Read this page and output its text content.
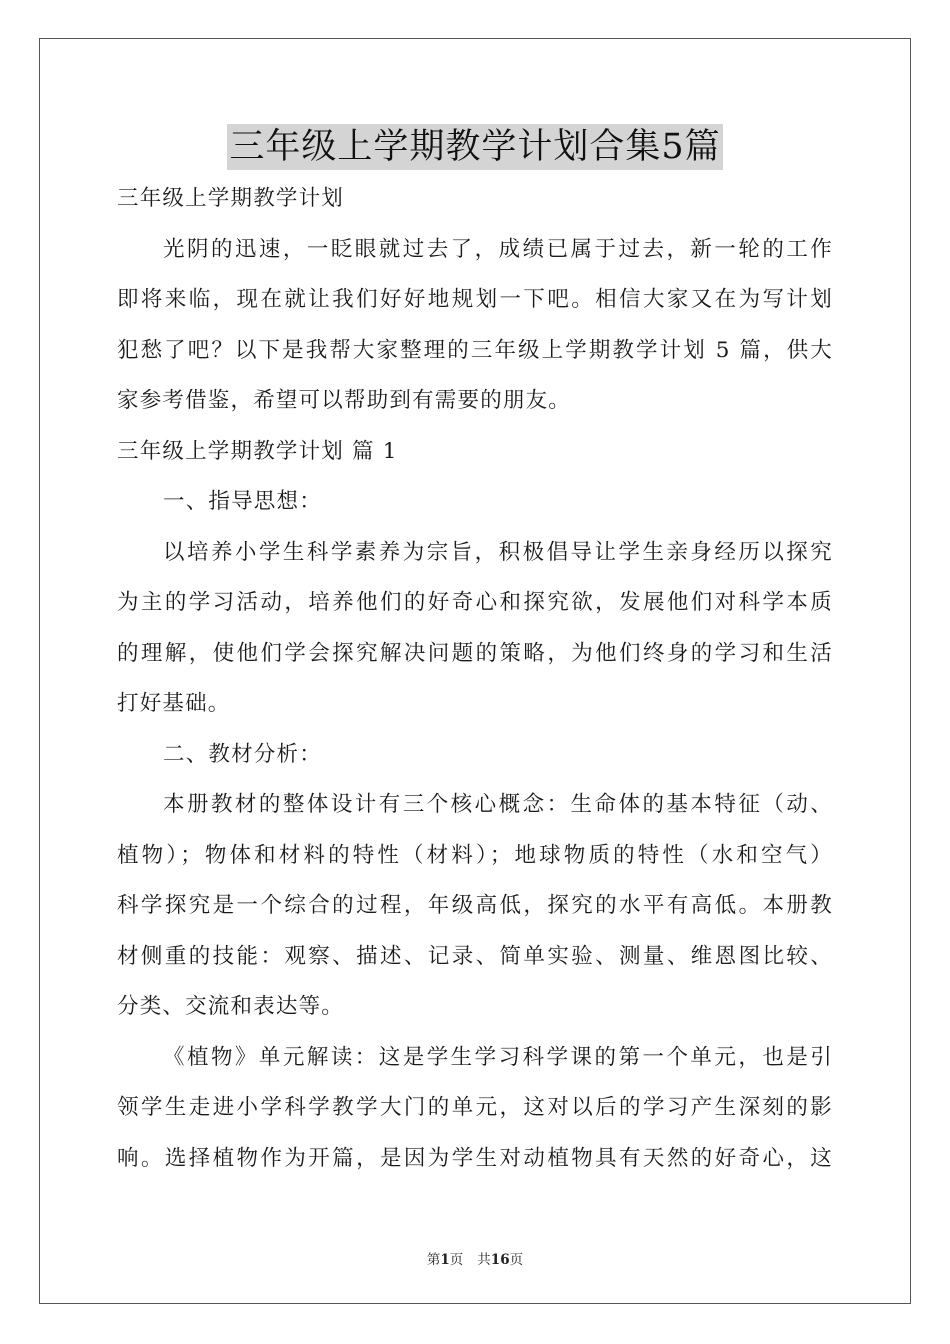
三年级上学期教学计划合集5篇
三年级上学期教学计划
光阴的迅速，一眨眼就过去了，成绩已属于过去，新一轮的工作
即将来临，现在就让我们好好地规划一下吧。相信大家又在为写计划
犯愁了吧？以下是我帮大家整理的三年级上学期教学计划 5 篇，供大
家参考借鉴，希望可以帮助到有需要的朋友。
三年级上学期教学计划 篇 1
一、指导思想：
以培养小学生科学素养为宗旨，积极倡导让学生亲身经历以探究
为主的学习活动，培养他们的好奇心和探究欲，发展他们对科学本质
的理解，使他们学会探究解决问题的策略，为他们终身的学习和生活
打好基础。
二、教材分析：
本册教材的整体设计有三个核心概念：生命体的基本特征（动、
植物）；物体和材料的特性（材料）；地球物质的特性（水和空气）
科学探究是一个综合的过程，年级高低，探究的水平有高低。本册教
材侧重的技能：观察、描述、记录、简单实验、测量、维恩图比较、
分类、交流和表达等。
《植物》单元解读：这是学生学习科学课的第一个单元，也是引
领学生走进小学科学教学大门的单元，这对以后的学习产生深刻的影
响。选择植物作为开篇，是因为学生对动植物具有天然的好奇心，这
第1页 共16页
